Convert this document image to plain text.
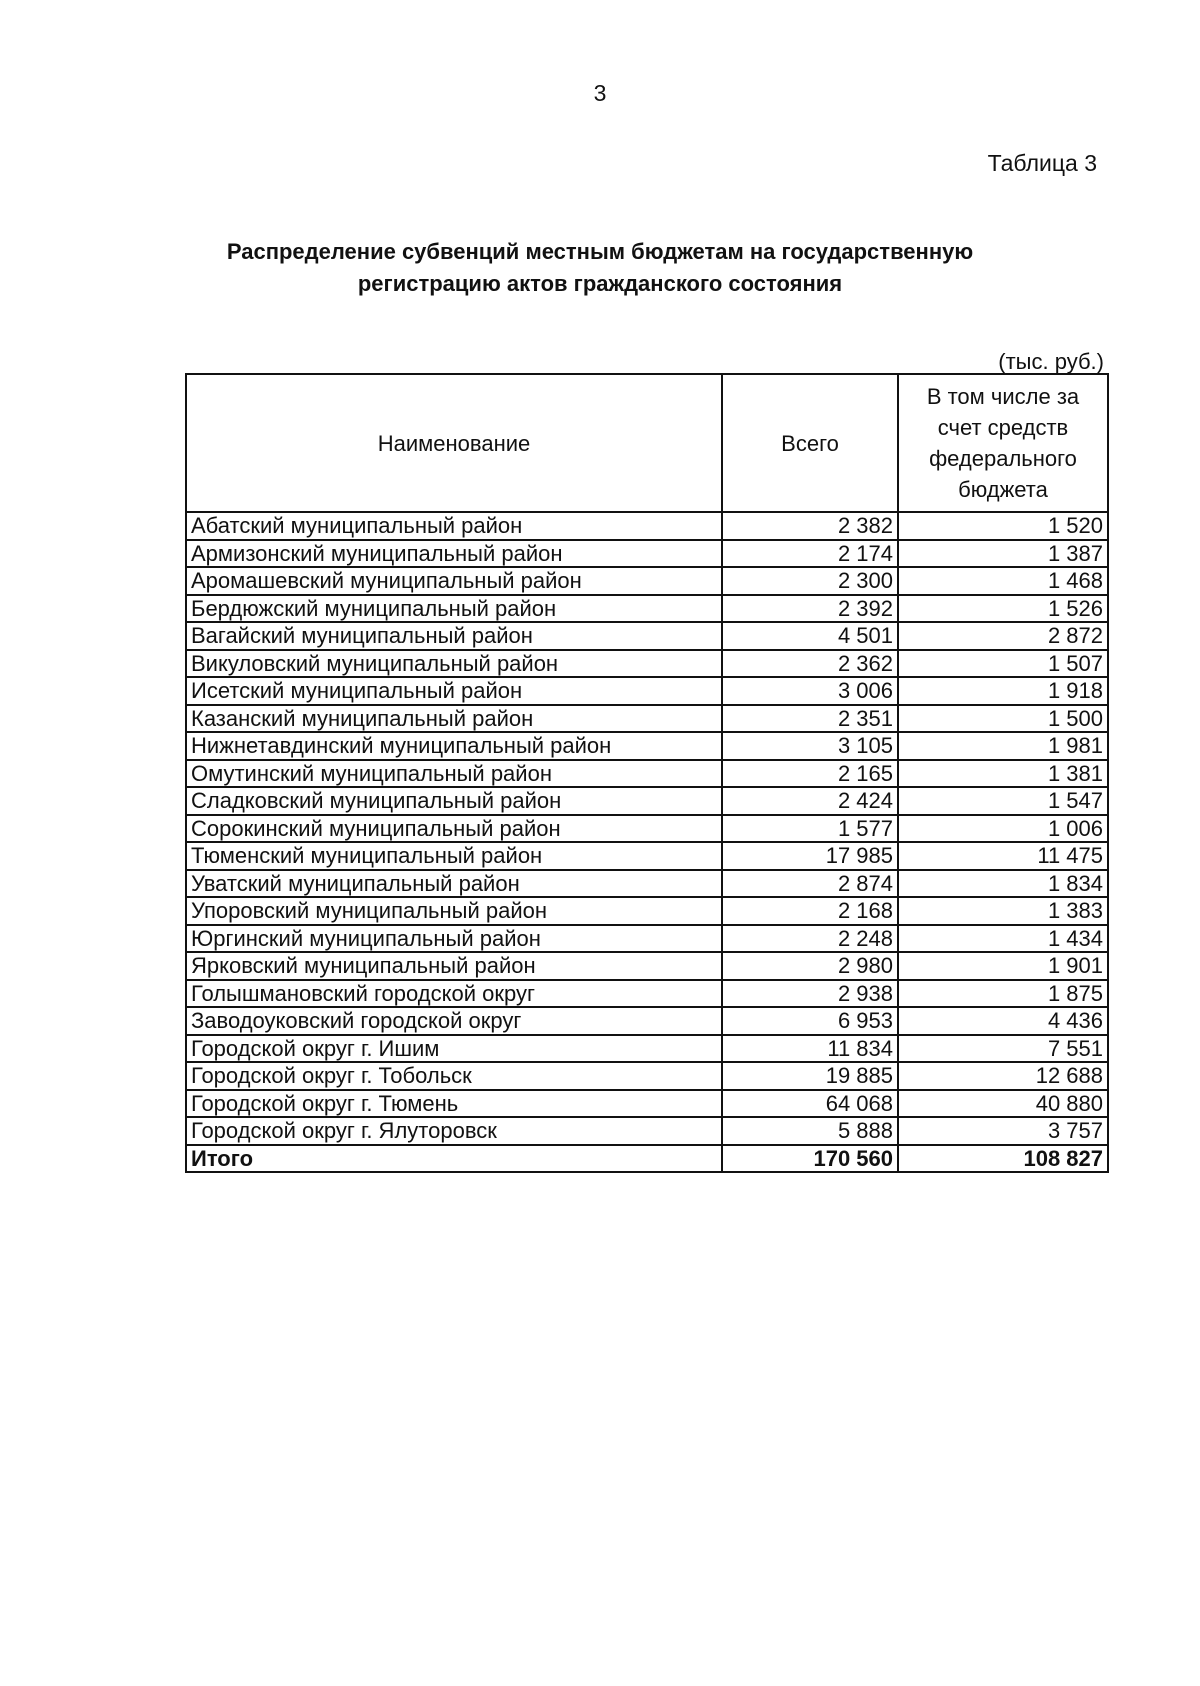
3
Таблица 3
Распределение субвенций местным бюджетам на государственную
регистрацию актов гражданского состояния
(тыс. руб.)
Наименование	Всего	В том числе за счет средств федерального бюджета
Абатский муниципальный район	2 382	1 520
Армизонский муниципальный район	2 174	1 387
Аромашевский муниципальный район	2 300	1 468
Бердюжский муниципальный район	2 392	1 526
Вагайский муниципальный район	4 501	2 872
Викуловский муниципальный район	2 362	1 507
Исетский муниципальный район	3 006	1 918
Казанский муниципальный район	2 351	1 500
Нижнетавдинский муниципальный район	3 105	1 981
Омутинский муниципальный район	2 165	1 381
Сладковский муниципальный район	2 424	1 547
Сорокинский муниципальный район	1 577	1 006
Тюменский муниципальный район	17 985	11 475
Уватский муниципальный район	2 874	1 834
Упоровский муниципальный район	2 168	1 383
Юргинский муниципальный район	2 248	1 434
Ярковский муниципальный район	2 980	1 901
Голышмановский городской округ	2 938	1 875
Заводоуковский городской округ	6 953	4 436
Городской округ г. Ишим	11 834	7 551
Городской округ г. Тобольск	19 885	12 688
Городской округ г. Тюмень	64 068	40 880
Городской округ г. Ялуторовск	5 888	3 757
Итого	170 560	108 827
